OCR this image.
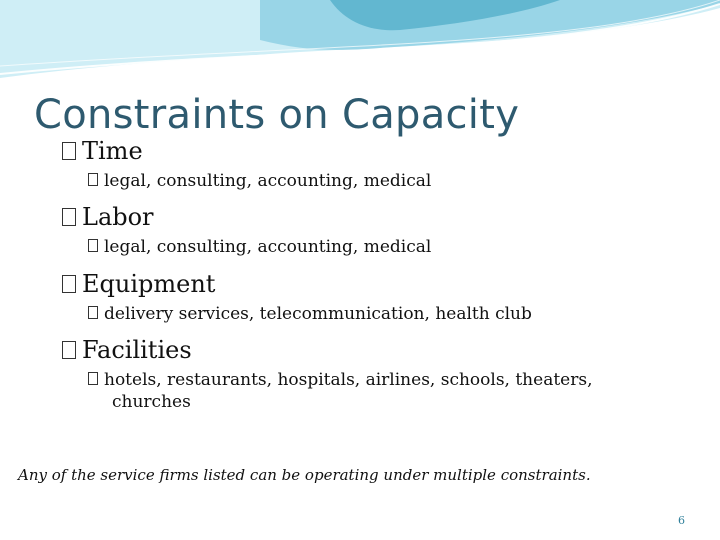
Constraints on Capacity
Time
legal, consulting, accounting, medical
Labor
legal, consulting, accounting, medical
Equipment
delivery services, telecommunication, health club
Facilities
hotels, restaurants, hospitals, airlines, schools, theaters,
churches
Any of the service firms listed can be operating under multiple constraints.
6
